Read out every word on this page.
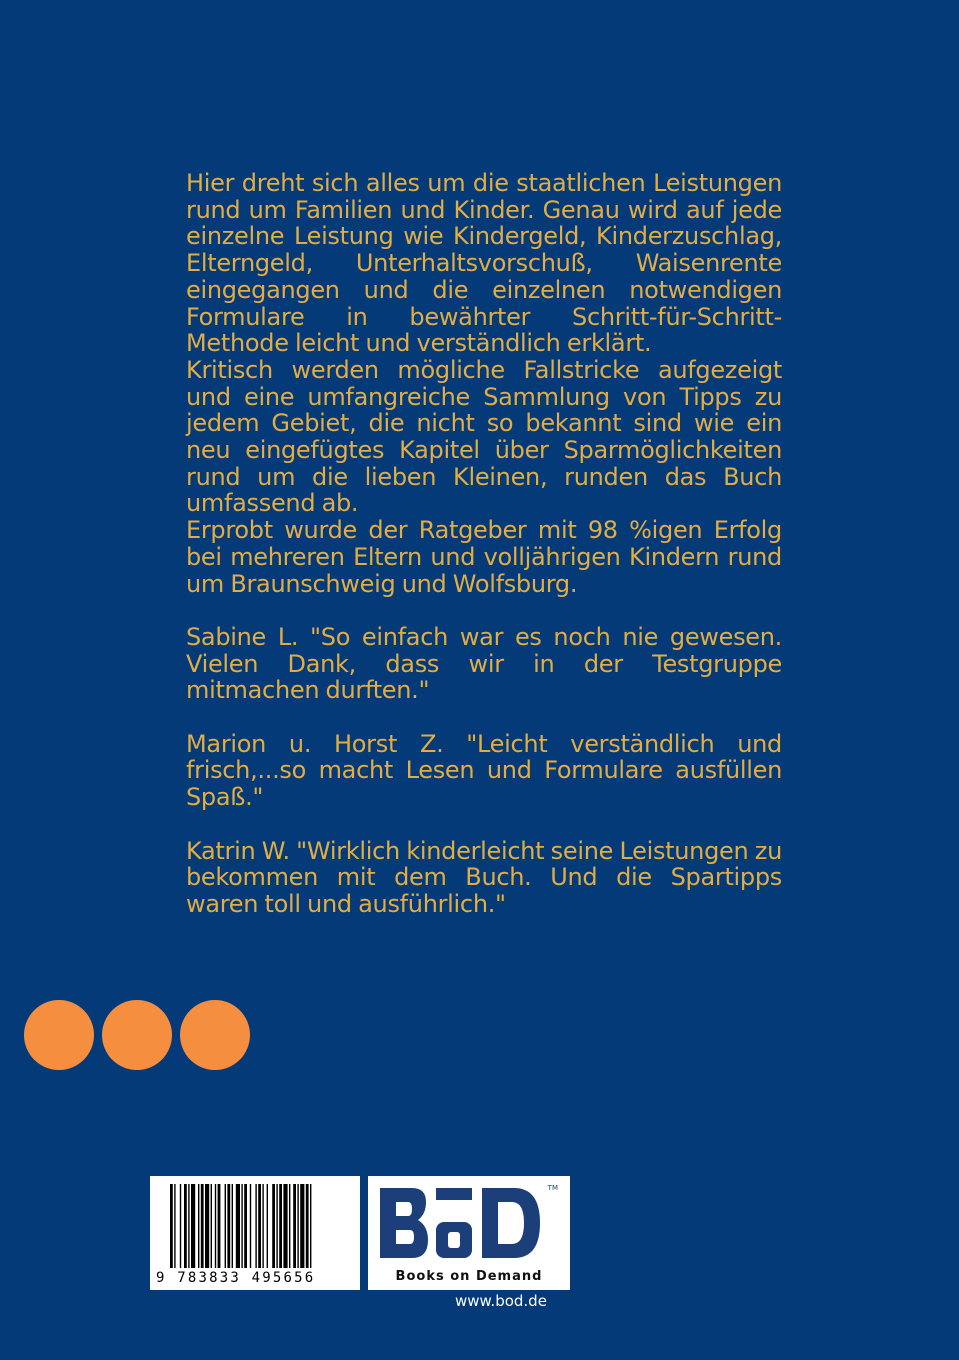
Hier dreht sich alles um die staatlichen Leistungen rund um Familien und Kinder. Genau wird auf jede einzelne Leistung wie Kindergeld, Kinderzuschlag, Elterngeld, Unterhaltsvorschuß, Waisenrente eingegangen und die einzelnen notwendigen Formulare in bewährter Schritt-für-Schritt- Methode leicht und verständlich erklärt.

Kritisch werden mögliche Fallstricke aufgezeigt und eine umfangreiche Sammlung von Tipps zu jedem Gebiet, die nicht so bekannt sind wie ein neu eingefügtes Kapitel über Sparmöglichkeiten rund um die lieben Kleinen, runden das Buch umfassend ab.

Erprobt wurde der Ratgeber mit 98 %igen Erfolg bei mehreren Eltern und volljährigen Kindern rund um Braunschweig und Wolfsburg.

Sabine L. "So einfach war es noch nie gewesen. Vielen Dank, dass wir in der Testgruppe mitmachen durften."

Marion u. Horst Z. "Leicht verständlich und frisch,...so macht Lesen und Formulare ausfüllen Spaß."

Katrin W. "Wirklich kinderleicht seine Leistungen zu bekommen mit dem Buch. Und die Spartipps waren toll und ausführlich."

9 783833 495656
TM
Books on Demand
www.bod.de
